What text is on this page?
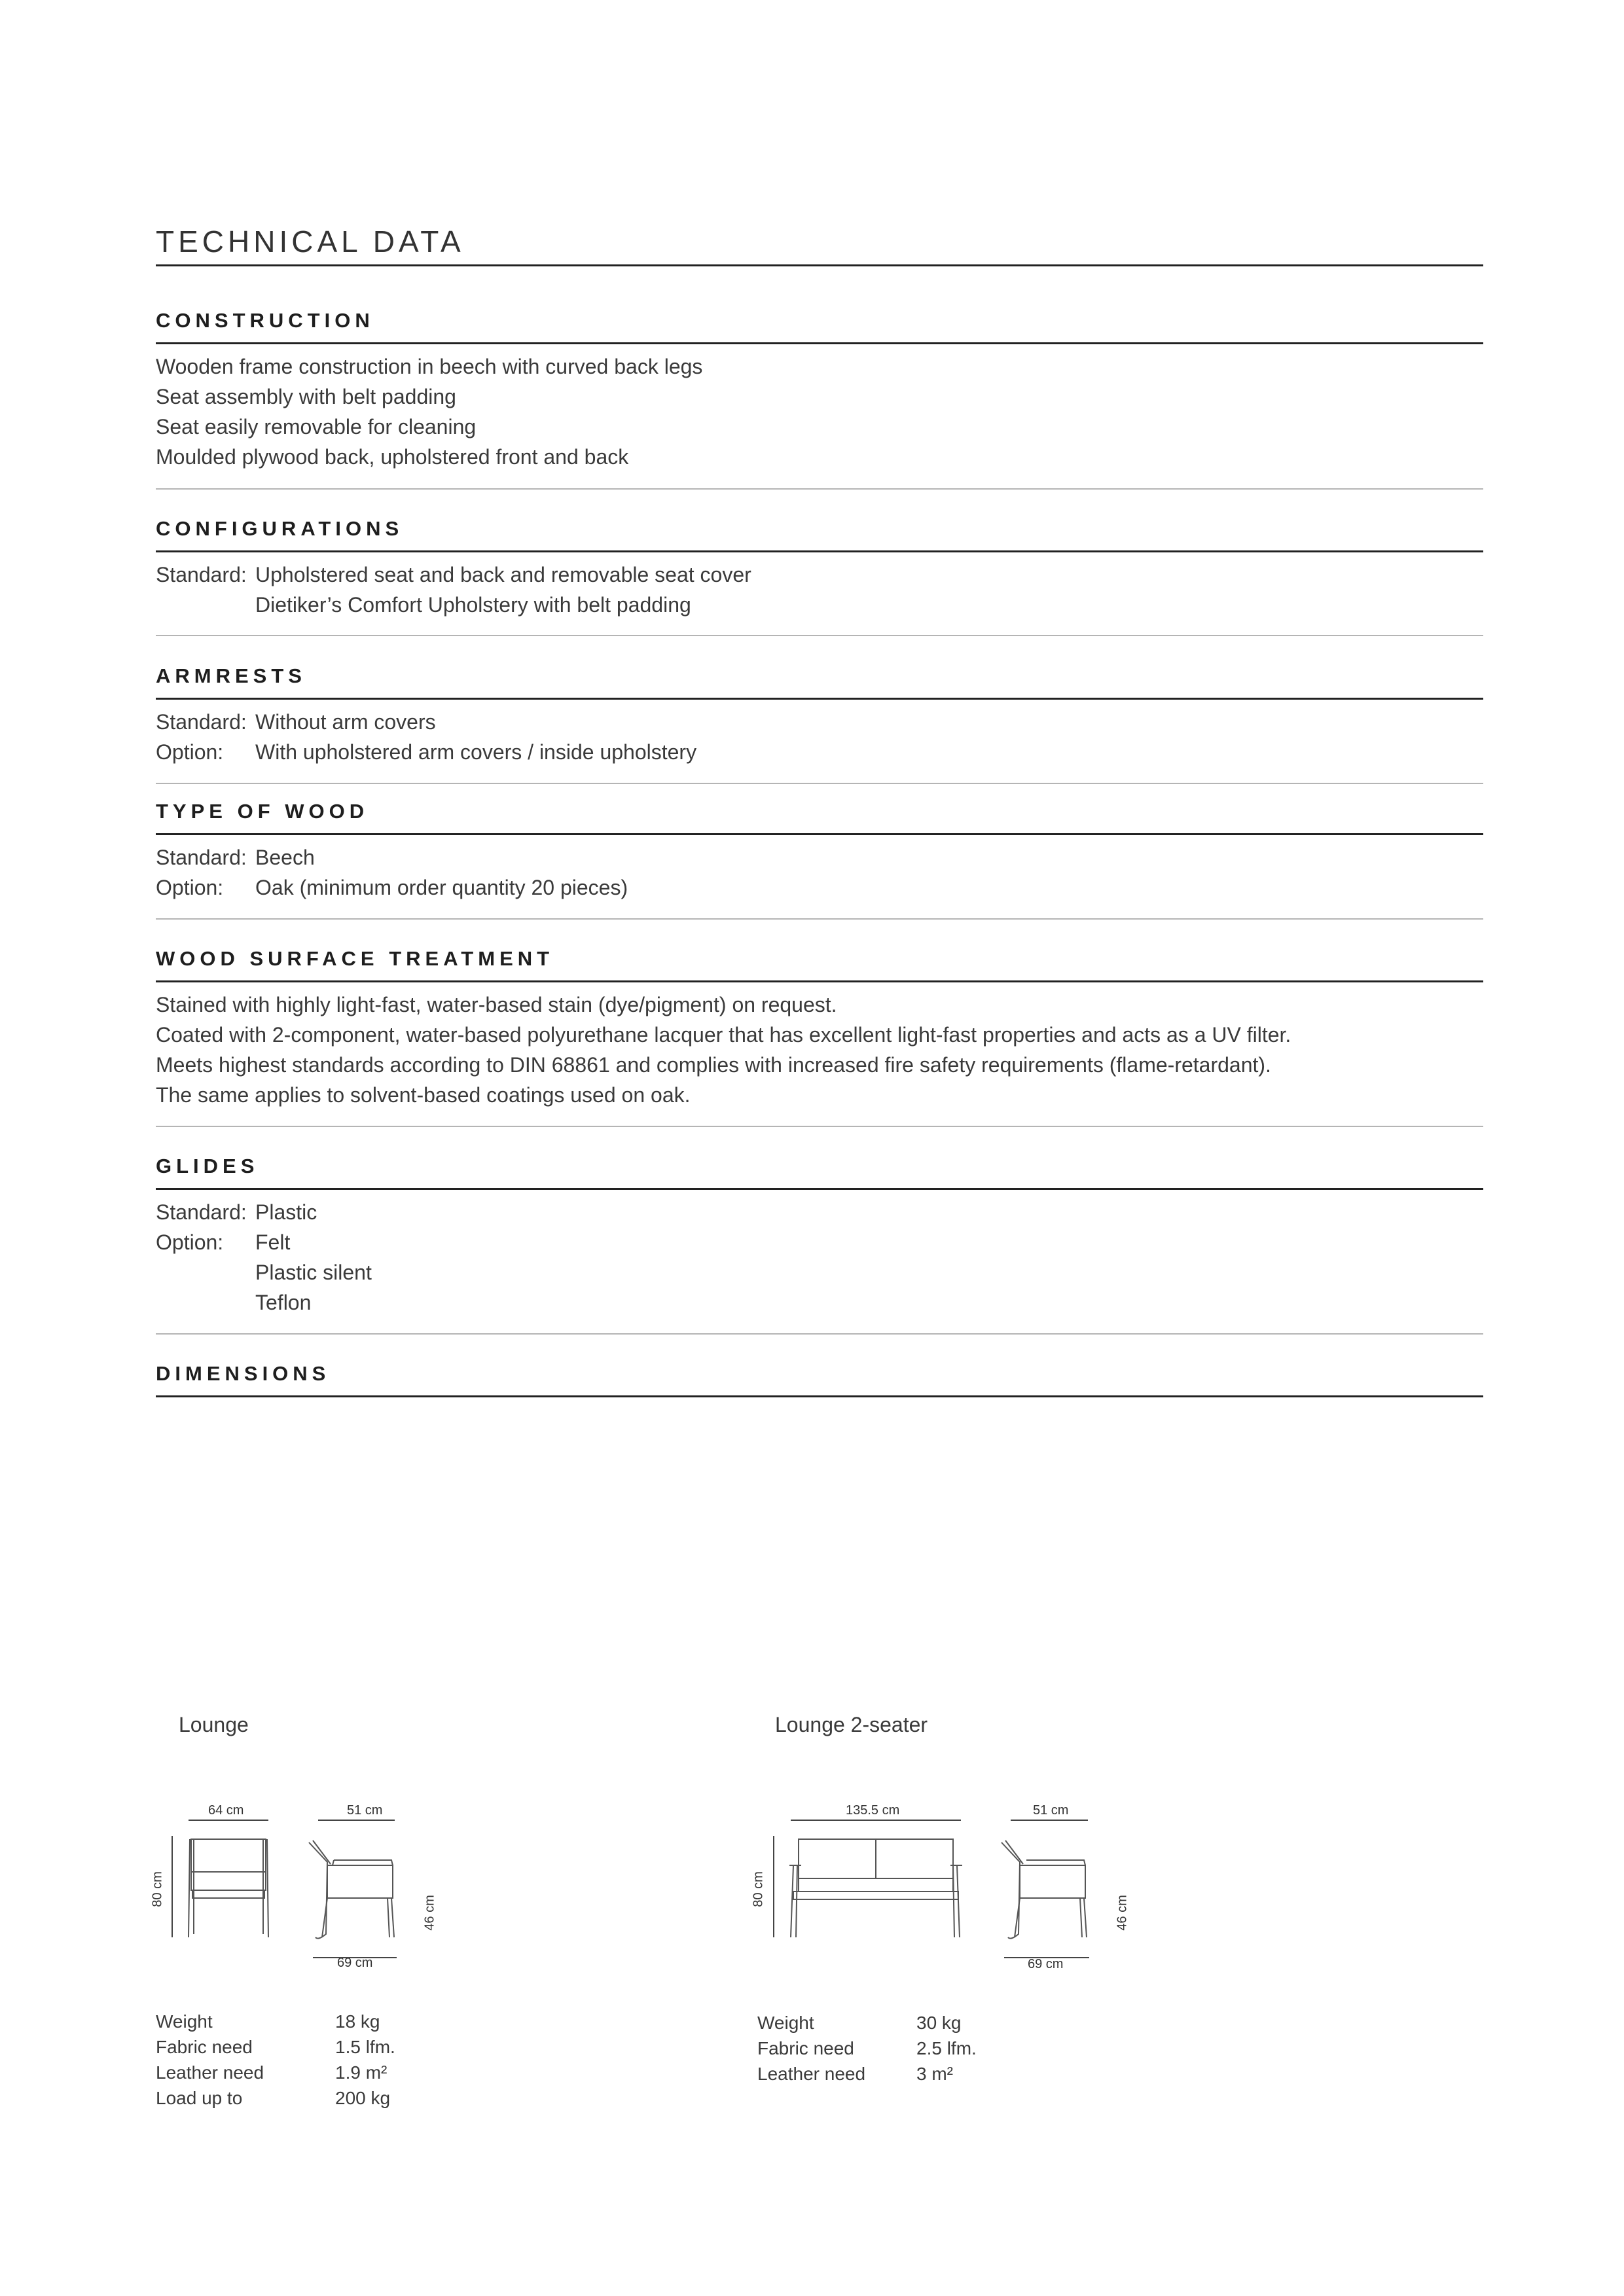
TECHNICAL DATA
CONSTRUCTION
Wooden frame construction in beech with curved back legs
Seat assembly with belt padding
Seat easily removable for cleaning
Moulded plywood back, upholstered front and back
CONFIGURATIONS
Standard: Upholstered seat and back and removable seat cover
Dietiker’s Comfort Upholstery with belt padding
ARMRESTS
Standard: Without arm covers
Option: With upholstered arm covers / inside upholstery
TYPE OF WOOD
Standard: Beech
Option: Oak (minimum order quantity 20 pieces)
WOOD SURFACE TREATMENT
Stained with highly light-fast, water-based stain (dye/pigment) on request.
Coated with 2-component, water-based polyurethane lacquer that has excellent light-fast properties and acts as a UV filter.
Meets highest standards according to DIN 68861 and complies with increased fire safety requirements (flame-retardant).
The same applies to solvent-based coatings used on oak.
GLIDES
Standard: Plastic
Option: Felt
Plastic silent
Teflon
DIMENSIONS
Lounge
64 cm	51 cm
80 cm
46 cm
69 cm
Weight	18 kg
Fabric need	1.5 lfm.
Leather need	1.9 m²
Load up to	200 kg
Lounge 2-seater
135.5 cm	51 cm
80 cm
46 cm
69 cm
Weight	30 kg
Fabric need	2.5 lfm.
Leather need	3 m²
